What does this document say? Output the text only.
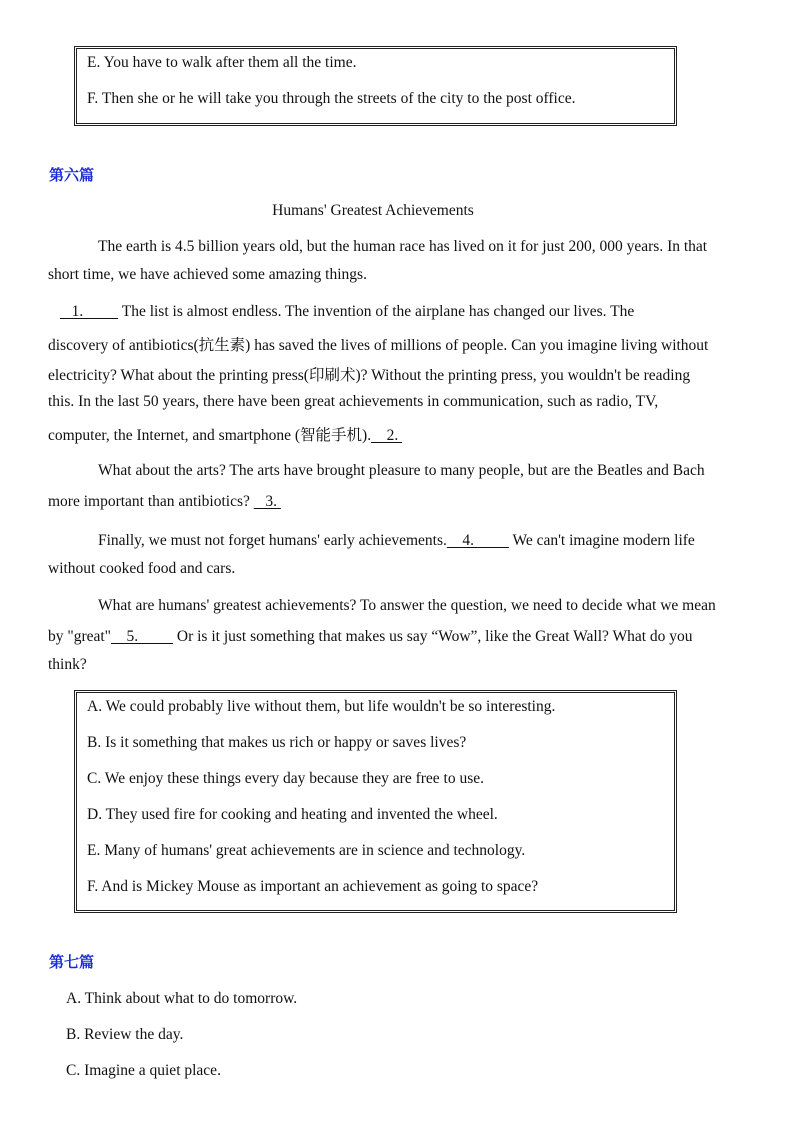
E. You have to walk after them all the time.
F. Then she or he will take you through the streets of the city to the post office.
第六篇
Humans' Greatest Achievements
The earth is 4.5 billion years old, but the human race has lived on it for just 200, 000 years. In that
short time, we have achieved some amazing things.
1.          The list is almost endless. The invention of the airplane has changed our lives. The
discovery of antibiotics(抗生素) has saved the lives of millions of people. Can you imagine living without
electricity? What about the printing press(印刷术)? Without the printing press, you wouldn't be reading
this. In the last 50 years, there have been great achievements in communication, such as radio, TV,
computer, the Internet, and smartphone (智能手机).    2.
What about the arts? The arts have brought pleasure to many people, but are the Beatles and Bach
more important than antibiotics?    3.
Finally, we must not forget humans' early achievements.    4.          We can't imagine modern life
without cooked food and cars.
What are humans' greatest achievements? To answer the question, we need to decide what we mean
by "great"    5.          Or is it just something that makes us say “Wow”, like the Great Wall? What do you
think?
A. We could probably live without them, but life wouldn't be so interesting.
B. Is it something that makes us rich or happy or saves lives?
C. We enjoy these things every day because they are free to use.
D. They used fire for cooking and heating and invented the wheel.
E. Many of humans' great achievements are in science and technology.
F. And is Mickey Mouse as important an achievement as going to space?
第七篇
A. Think about what to do tomorrow.
B. Review the day.
C. Imagine a quiet place.
